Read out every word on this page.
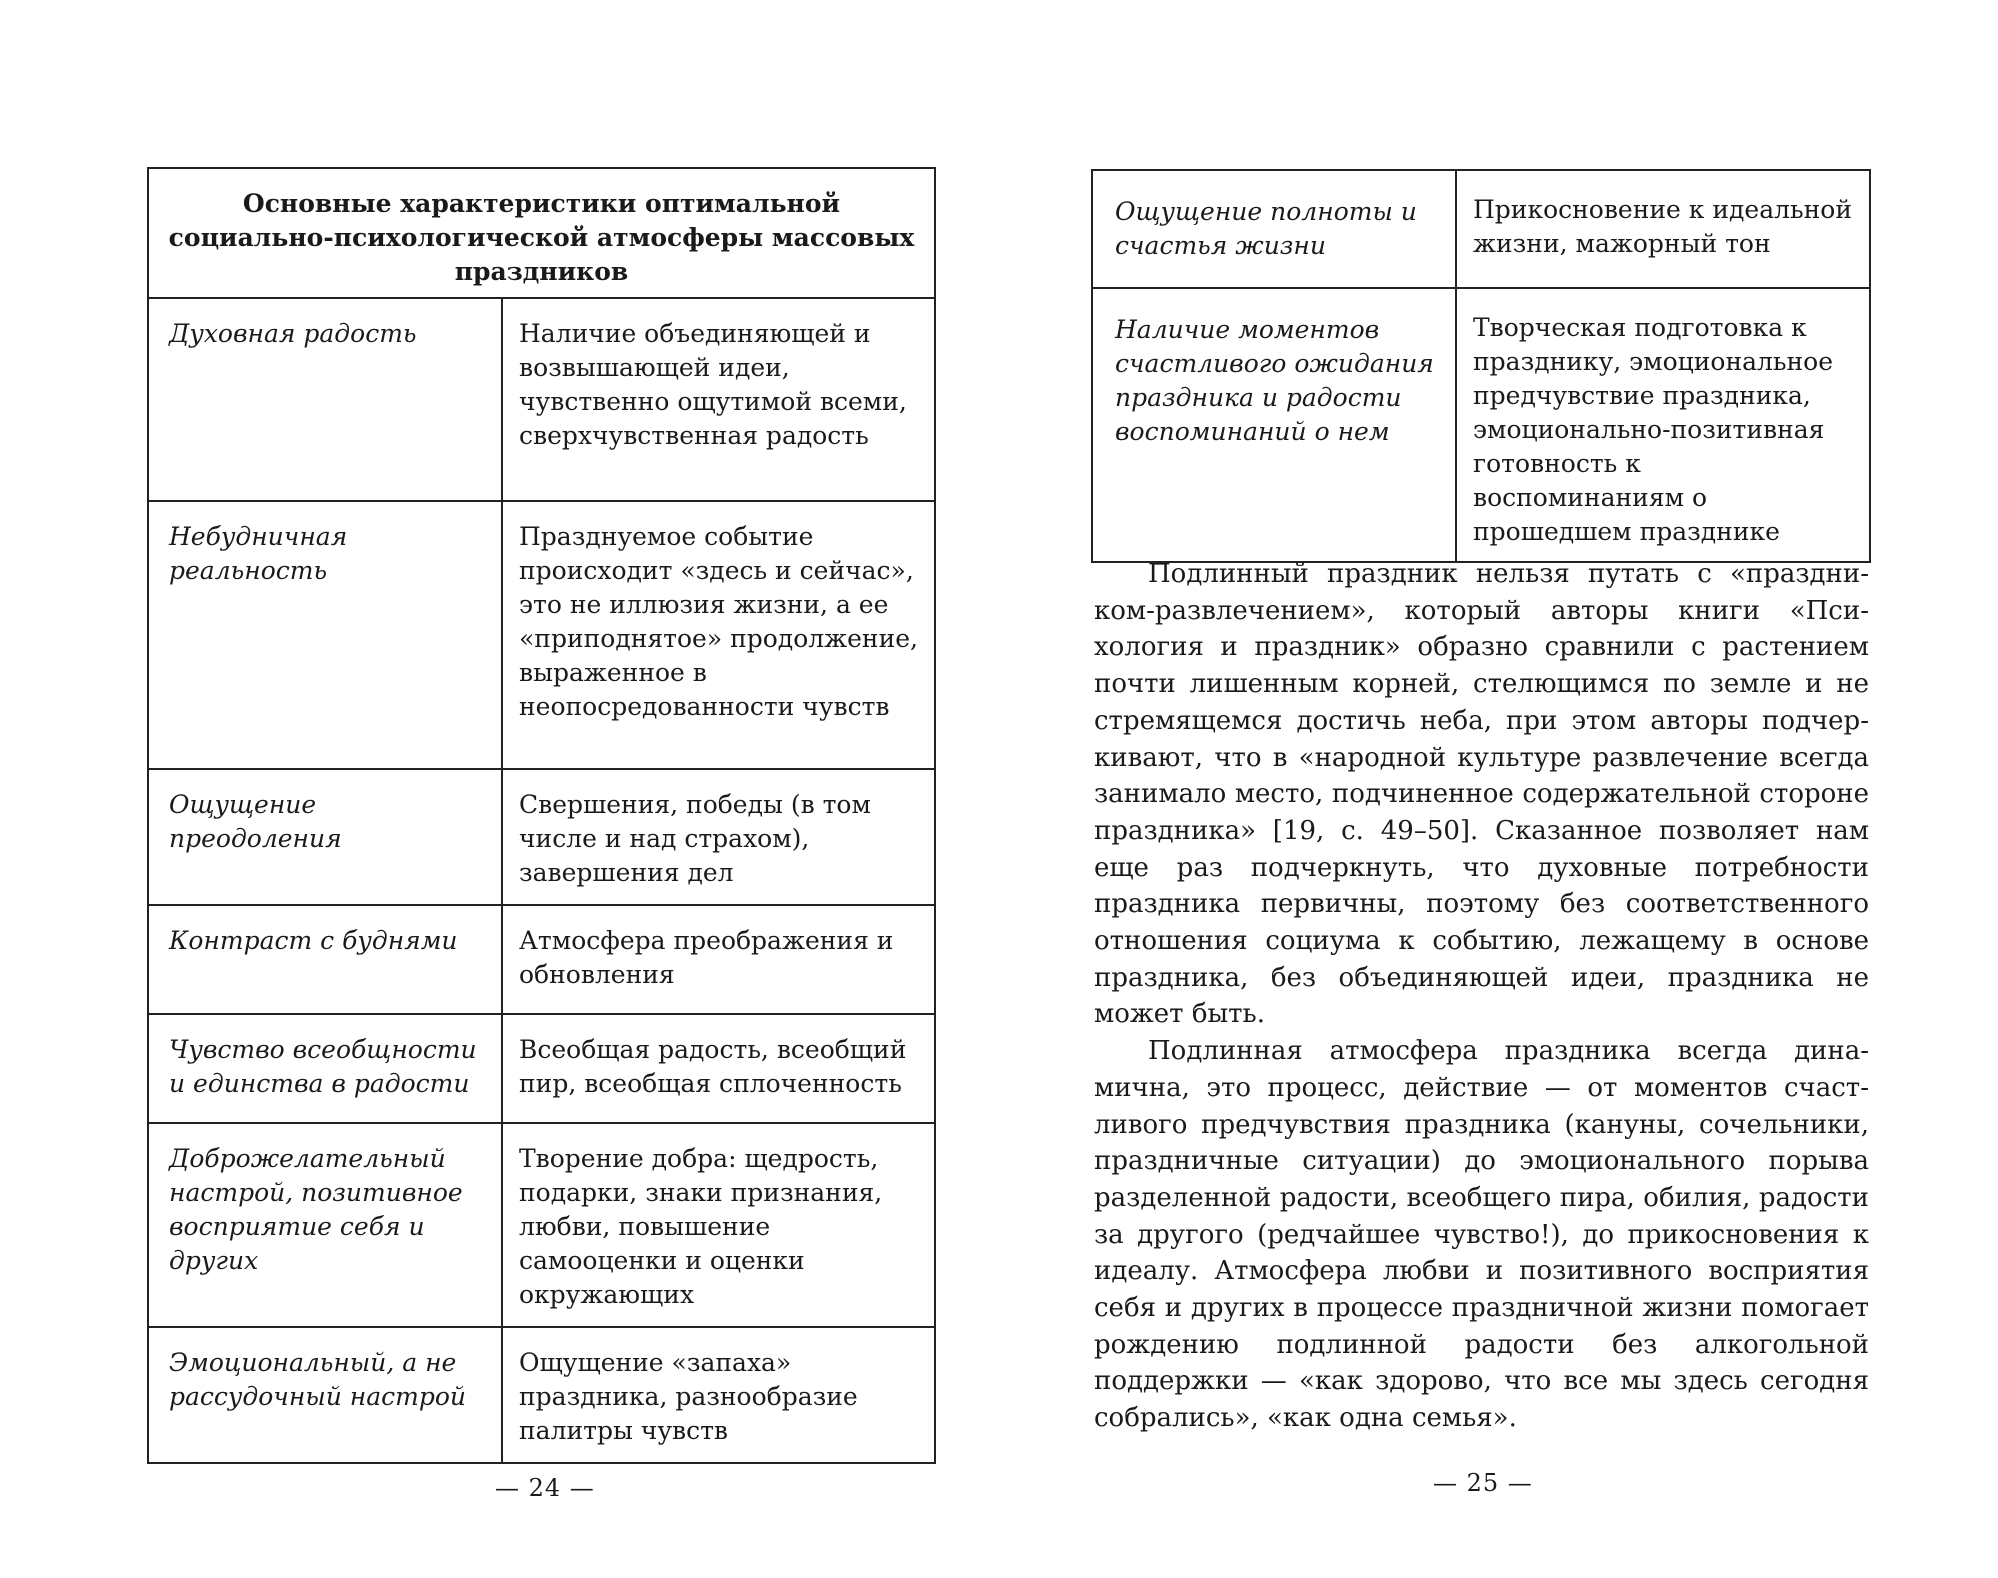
Основные характеристики оптимальной социально-психологической атмосферы массовых праздников	
Духовная радость	Наличие объединяющей и возвышающей идеи, чувственно ощутимой всеми, сверхчувственная радость
Небудничная реальность	Празднуемое событие происходит «здесь и сейчас», это не иллюзия жизни, а ее «приподнятое» продолжение, выраженное в неопосредованности чувств
Ощущение преодоления	Свершения, победы (в том числе и над страхом), завершения дел
Контраст с буднями	Атмосфера преображения и обновления
Чувство всеобщности и единства в радости	Всеобщая радость, всеобщий пир, всеобщая сплоченность
Доброжелательный настрой, позитивное восприятие себя и других	Творение добра: щедрость, подарки, знаки признания, любви, повышение самооценки и оценки окружающих
Эмоциональный, а не рассудочный настрой	Ощущение «запаха» праздника, разнообразие палитры чувств
— 24 —
Ощущение полноты и счастья жизни	Прикосновение к идеальной жизни, мажорный тон
Наличие моментов счастливого ожидания праздника и радости воспоминаний о нем	Творческая подготовка к празднику, эмоциональное предчувствие праздника, эмоционально-позитивная готовность к воспоминаниям о прошедшем празднике

Подлинный праздник нельзя путать с «праздником-развлечением», который авторы книги «Психология и праздник» образно сравнили с растением почти лишенным корней, стелющимся по земле и не стремящемся достичь неба, при этом авторы подчеркивают, что в «народной культуре развлечение всегда занимало место, подчиненное содержательной стороне праздника» [19, с. 49–50]. Сказанное позволяет нам еще раз подчеркнуть, что духовные потребности праздника первичны, поэтому без соответственного отношения социума к событию, лежащему в основе праздника, без объединяющей идеи, праздника не может быть.

Подлинная атмосфера праздника всегда динамична, это процесс, действие — от моментов счастливого предчувствия праздника (кануны, сочельники, праздничные ситуации) до эмоционального порыва разделенной радости, всеобщего пира, обилия, радости за другого (редчайшее чувство!), до прикосновения к идеалу. Атмосфера любви и позитивного восприятия себя и других в процессе праздничной жизни помогает рождению подлинной радости без алкогольной поддержки — «как здорово, что все мы здесь сегодня собрались», «как одна семья».

— 25 —
